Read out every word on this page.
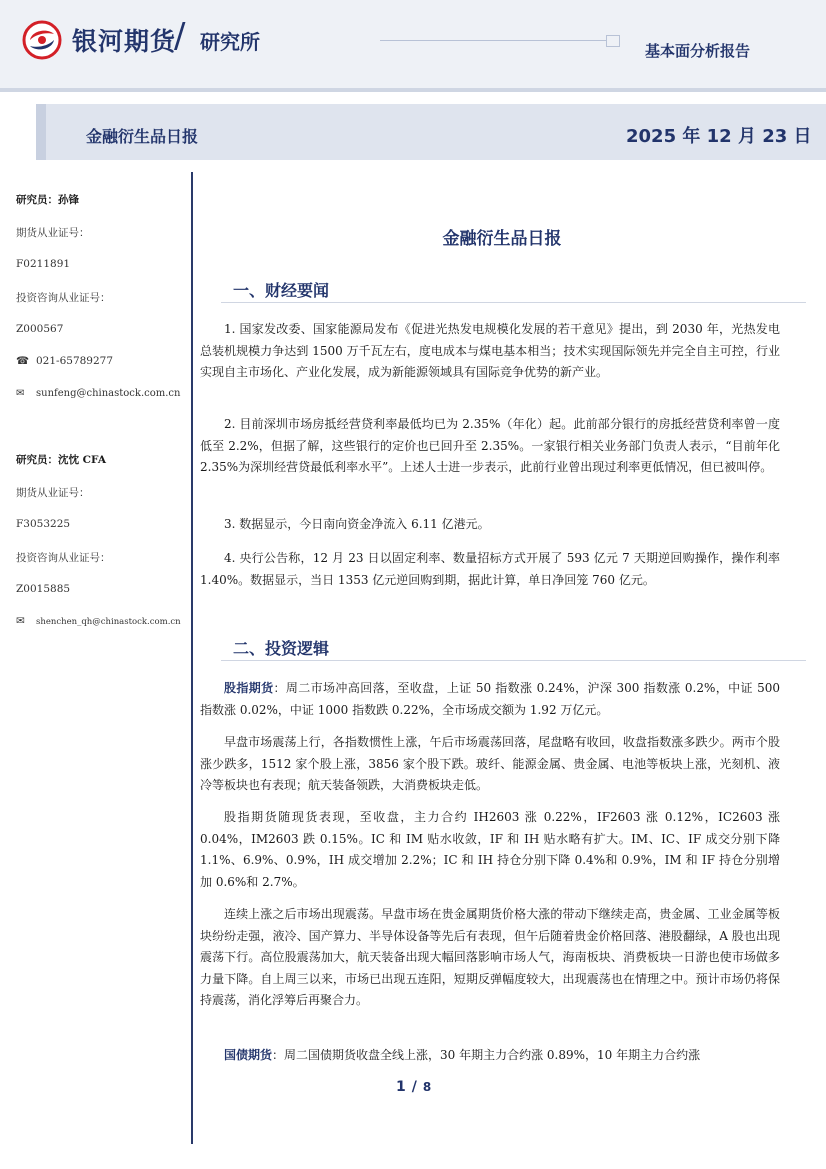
银河期货
/ 研究所	基本面分析报告
金融衍生品日报	2025 年 12 月 23 日
研究员：孙锋
期货从业证号：
F0211891
投资咨询从业证号：
Z000567
☎ 021-65789277
✉ sunfeng@chinastock.com.cn
研究员：沈忱 CFA
期货从业证号：
F3053225
投资咨询从业证号：
Z0015885
✉ shenchen_qh@chinastock.com.cn
金融衍生品日报
一、财经要闻
1. 国家发改委、国家能源局发布《促进光热发电规模化发展的若干意见》提出，到 2030 年，光热发电总装机规模力争达到 1500 万千瓦左右，度电成本与煤电基本相当；技术实现国际领先并完全自主可控，行业实现自主市场化、产业化发展，成为新能源领域具有国际竞争优势的新产业。
2. 目前深圳市场房抵经营贷利率最低均已为 2.35%（年化）起。此前部分银行的房抵经营贷利率曾一度低至 2.2%，但据了解，这些银行的定价也已回升至 2.35%。一家银行相关业务部门负责人表示，“目前年化 2.35%为深圳经营贷最低利率水平”。上述人士进一步表示，此前行业曾出现过利率更低情况，但已被叫停。
3. 数据显示，今日南向资金净流入 6.11 亿港元。
4. 央行公告称，12 月 23 日以固定利率、数量招标方式开展了 593 亿元 7 天期逆回购操作，操作利率 1.40%。数据显示，当日 1353 亿元逆回购到期，据此计算，单日净回笼 760 亿元。
二、投资逻辑
股指期货：周二市场冲高回落，至收盘，上证 50 指数涨 0.24%，沪深 300 指数涨 0.2%，中证 500 指数涨 0.02%，中证 1000 指数跌 0.22%，全市场成交额为 1.92 万亿元。
早盘市场震荡上行，各指数惯性上涨，午后市场震荡回落，尾盘略有收回，收盘指数涨多跌少。两市个股涨少跌多，1512 家个股上涨，3856 家个股下跌。玻纤、能源金属、贵金属、电池等板块上涨，光刻机、液冷等板块也有表现；航天装备领跌，大消费板块走低。
股指期货随现货表现，至收盘，主力合约 IH2603 涨 0.22%，IF2603 涨 0.12%，IC2603 涨 0.04%，IM2603 跌 0.15%。IC 和 IM 贴水收敛，IF 和 IH 贴水略有扩大。IM、IC、IF 成交分别下降 1.1%、6.9%、0.9%，IH 成交增加 2.2%；IC 和 IH 持仓分别下降 0.4%和 0.9%，IM 和 IF 持仓分别增加 0.6%和 2.7%。
连续上涨之后市场出现震荡。早盘市场在贵金属期货价格大涨的带动下继续走高，贵金属、工业金属等板块纷纷走强，液冷、国产算力、半导体设备等先后有表现，但午后随着贵金价格回落、港股翻绿，A 股也出现震荡下行。高位股震荡加大，航天装备出现大幅回落影响市场人气，海南板块、消费板块一日游也使市场做多力量下降。自上周三以来，市场已出现五连阳，短期反弹幅度较大，出现震荡也在情理之中。预计市场仍将保持震荡，消化浮筹后再聚合力。
国债期货：周二国债期货收盘全线上涨，30 年期主力合约涨 0.89%，10 年期主力合约涨
1 / 8
